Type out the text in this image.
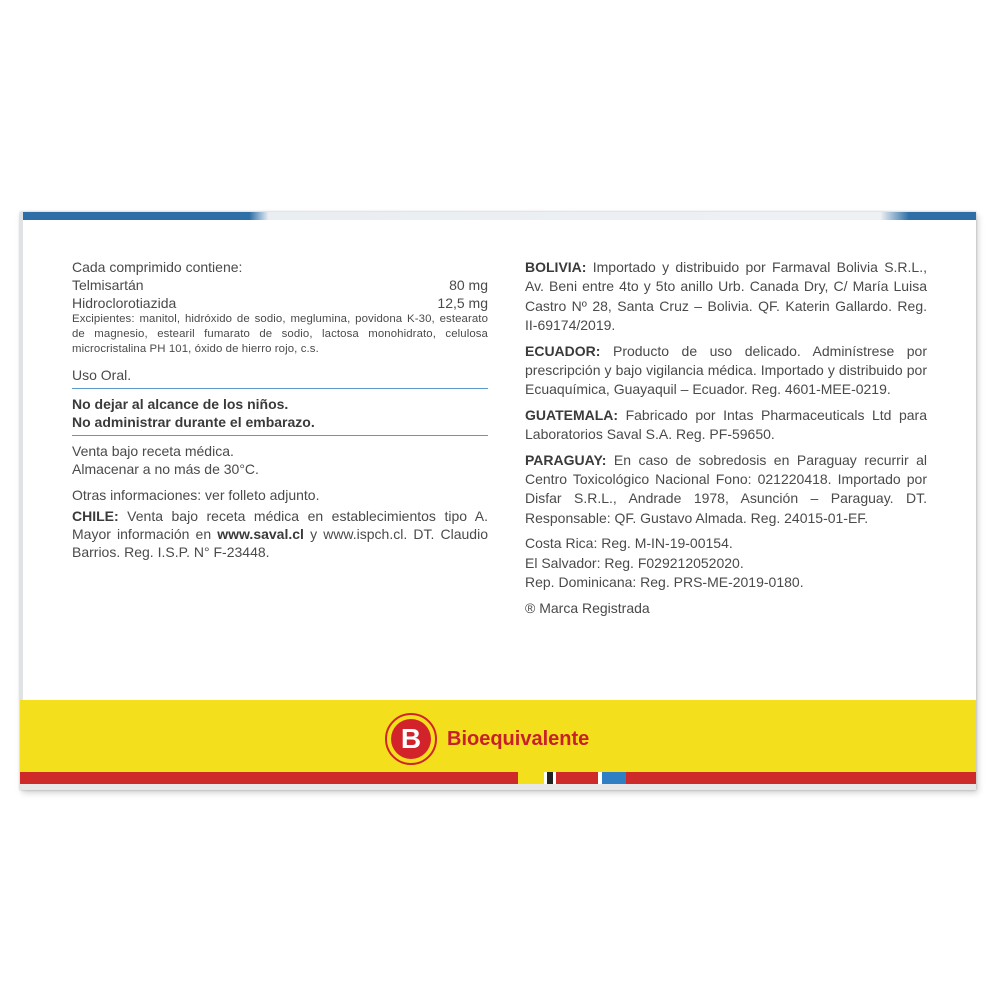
Cada comprimido contiene:
Telmisartán	80 mg
Hidroclorotiazida	12,5 mg
Excipientes: manitol, hidróxido de sodio, meglumina, povidona K-30, estearato de magnesio, estearil fumarato de sodio, lactosa monohidrato, celulosa microcristalina PH 101, óxido de hierro rojo, c.s.
Uso Oral.
No dejar al alcance de los niños.
No administrar durante el embarazo.
Venta bajo receta médica.
Almacenar a no más de 30°C.
Otras informaciones: ver folleto adjunto.
CHILE: Venta bajo receta médica en establecimientos tipo A. Mayor información en www.saval.cl y www.ispch.cl. DT. Claudio Barrios. Reg. I.S.P. N° F-23448.
BOLIVIA: Importado y distribuido por Farmaval Bolivia S.R.L., Av. Beni entre 4to y 5to anillo Urb. Canada Dry, C/ María Luisa Castro Nº 28, Santa Cruz – Bolivia. QF. Katerin Gallardo. Reg. II-69174/2019.
ECUADOR: Producto de uso delicado. Adminístrese por prescripción y bajo vigilancia médica. Importado y distribuido por Ecuaquímica, Guayaquil – Ecuador. Reg. 4601-MEE-0219.
GUATEMALA: Fabricado por Intas Pharmaceuticals Ltd para Laboratorios Saval S.A. Reg. PF-59650.
PARAGUAY: En caso de sobredosis en Paraguay recurrir al Centro Toxicológico Nacional Fono: 021220418. Importado por Disfar S.R.L., Andrade 1978, Asunción – Paraguay. DT. Responsable: QF. Gustavo Almada. Reg. 24015-01-EF.
Costa Rica: Reg. M-IN-19-00154.
El Salvador: Reg. F029212052020.
Rep. Dominicana: Reg. PRS-ME-2019-0180.
® Marca Registrada
B	Bioequivalente
